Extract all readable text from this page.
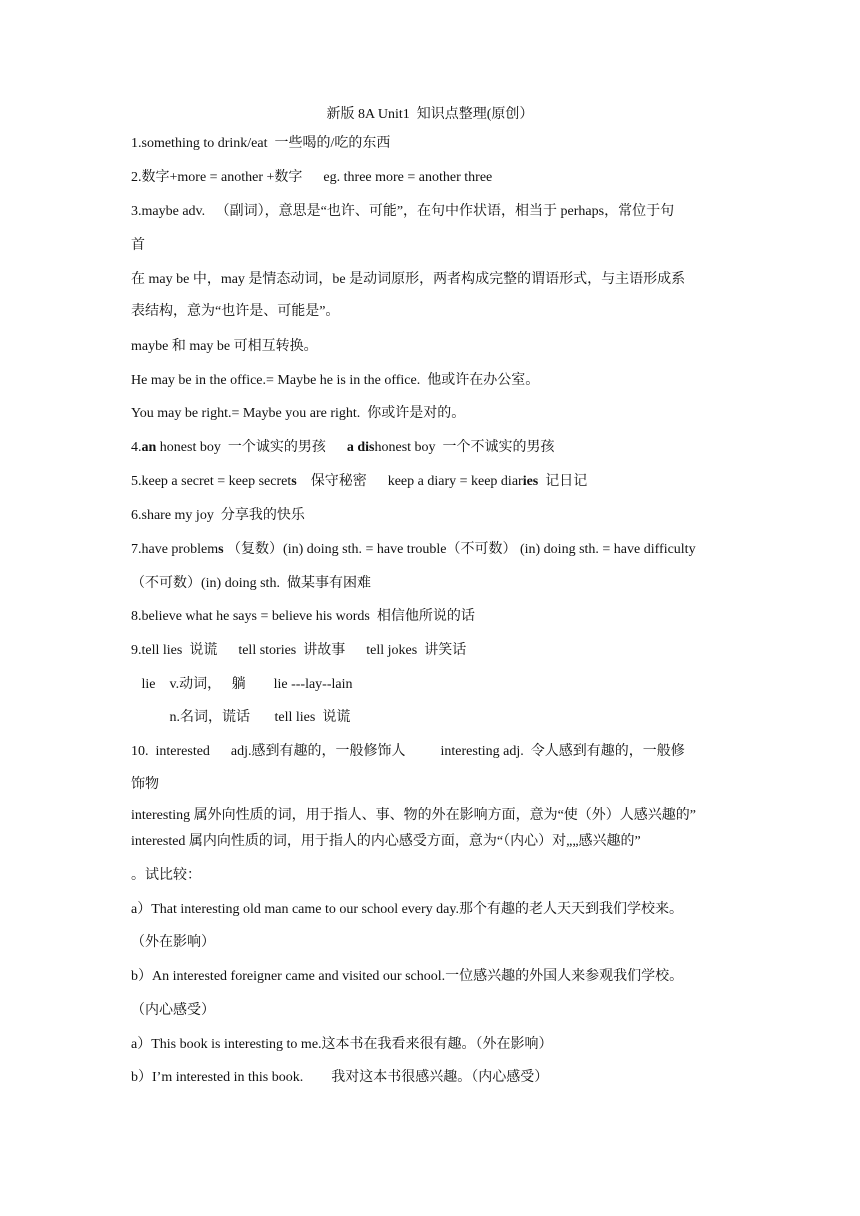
新版 8A Unit1  知识点整理(原创）
1.something to drink/eat  一些喝的/吃的东西
2.数字+more = another +数字      eg. three more = another three
3.maybe adv.   （副词），意思是“也许、可能”，在句中作状语，相当于 perhaps，常位于句
首
在 may be 中，may 是情态动词，be 是动词原形，两者构成完整的谓语形式，与主语形成系
表结构，意为“也许是、可能是”。
maybe 和 may be 可相互转换。
He may be in the office.= Maybe he is in the office.  他或许在办公室。
You may be right.= Maybe you are right.  你或许是对的。
4.an honest boy  一个诚实的男孩      a dishonest boy  一个不诚实的男孩
5.keep a secret = keep secrets    保守秘密      keep a diary = keep diaries  记日记
6.share my joy  分享我的快乐
7.have problems （复数）(in) doing sth. = have trouble（不可数） (in) doing sth. = have difficulty
（不可数）(in) doing sth.  做某事有困难
8.believe what he says = believe his words  相信他所说的话
9.tell lies  说谎      tell stories  讲故事      tell jokes  讲笑话
lie    v.动词，   躺        lie ---lay--lain
n.名词，谎话       tell lies  说谎
10.  interested      adj.感到有趣的，一般修饰人          interesting adj.  令人感到有趣的，一般修
饰物
interesting 属外向性质的词，用于指人、事、物的外在影响方面，意为“使（外）人感兴趣的”
interested 属内向性质的词，用于指人的内心感受方面，意为“（内心）对„„感兴趣的”
。试比较：
a）That interesting old man came to our school every day.那个有趣的老人天天到我们学校来。
（外在影响）
b）An interested foreigner came and visited our school.一位感兴趣的外国人来参观我们学校。
（内心感受）
a）This book is interesting to me.这本书在我看来很有趣。（外在影响）
b）I’m interested in this book.        我对这本书很感兴趣。（内心感受）
